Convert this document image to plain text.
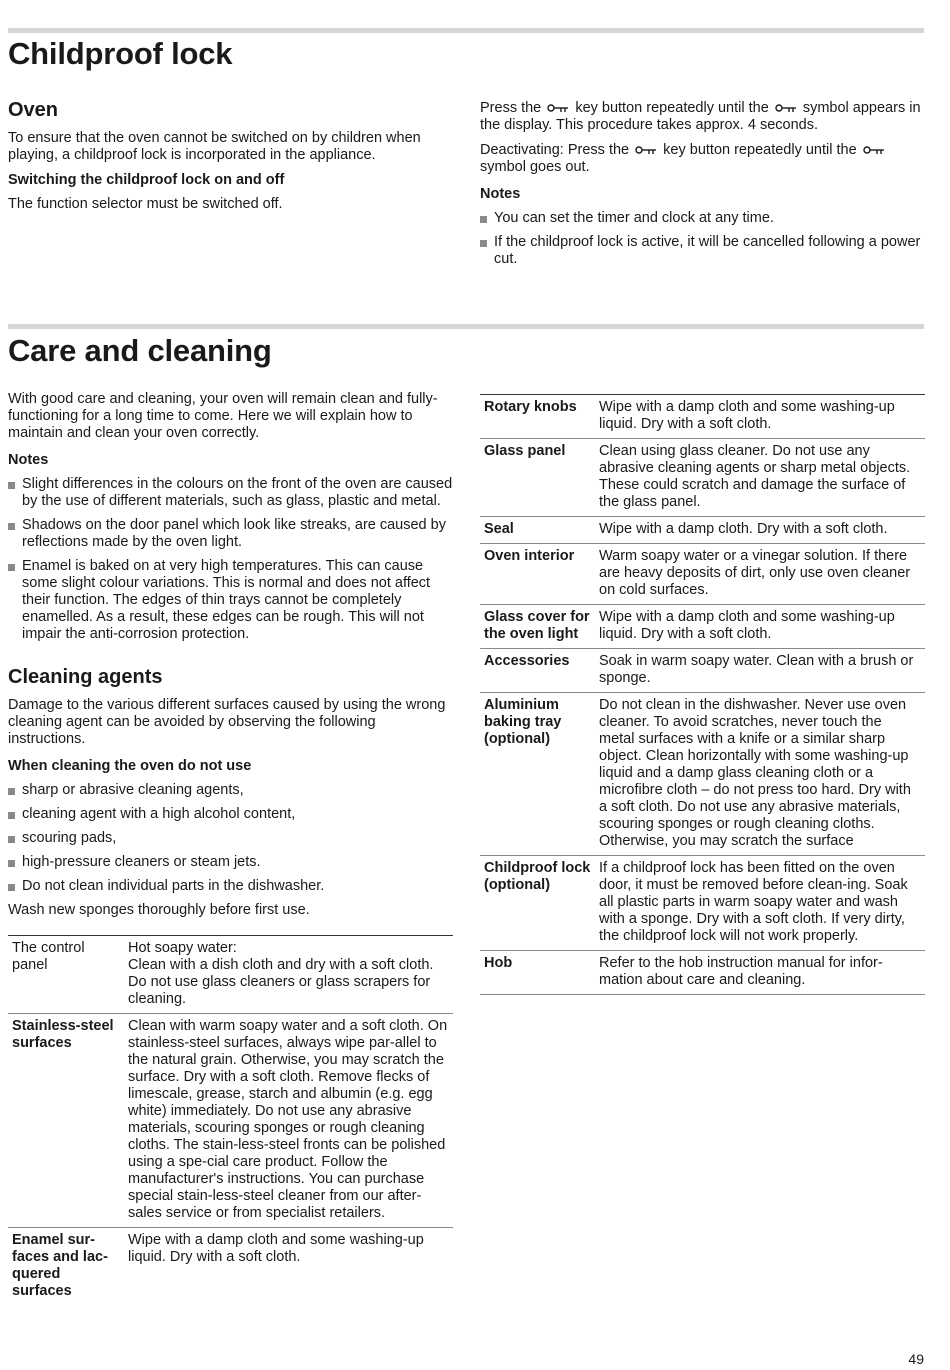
Childproof lock
Oven

To ensure that the oven cannot be switched on by children when playing, a childproof lock is incorporated in the appliance.

Switching the childproof lock on and off

The function selector must be switched off.

Press the key button repeatedly until the symbol appears in the display. This procedure takes approx. 4 seconds.

Deactivating: Press the key button repeatedly until the  symbol goes out.

Notes
You can set the timer and clock at any time.
If the childproof lock is active, it will be cancelled following a power cut.
Care and cleaning

With good care and cleaning, your oven will remain clean and fully-functioning for a long time to come. Here we will explain how to maintain and clean your oven correctly.

Notes
Slight differences in the colours on the front of the oven are caused by the use of different materials, such as glass, plastic and metal.
Shadows on the door panel which look like streaks, are caused by reflections made by the oven light.
Enamel is baked on at very high temperatures. This can cause some slight colour variations. This is normal and does not affect their function. The edges of thin trays cannot be completely enamelled. As a result, these edges can be rough. This will not impair the anti-corrosion protection.
Cleaning agents

Damage to the various different surfaces caused by using the wrong cleaning agent can be avoided by observing the following instructions.

When cleaning the oven do not use
sharp or abrasive cleaning agents,
cleaning agent with a high alcohol content,
scouring pads,
high-pressure cleaners or steam jets.
Do not clean individual parts in the dishwasher.

Wash new sponges thoroughly before first use.

The control panel	Hot soapy water:
Clean with a dish cloth and dry with a soft cloth. Do not use glass cleaners or glass scrapers for cleaning.
Stainless-steel surfaces	Clean with warm soapy water and a soft cloth. On stainless-steel surfaces, always wipe par-allel to the natural grain. Otherwise, you may scratch the surface. Dry with a soft cloth. Remove flecks of limescale, grease, starch and albumin (e.g. egg white) immediately. Do not use any abrasive materials, scouring sponges or rough cleaning cloths. The stain-less-steel fronts can be polished using a spe-cial care product. Follow the manufacturer's instructions. You can purchase special stain-less-steel cleaner from our after-sales service or from specialist retailers.
Enamel sur-faces and lac-quered surfaces	Wipe with a damp cloth and some washing-up liquid. Dry with a soft cloth.
Rotary knobs	Wipe with a damp cloth and some washing-up liquid. Dry with a soft cloth.
Glass panel	Clean using glass cleaner. Do not use any abrasive cleaning agents or sharp metal objects. These could scratch and damage the surface of the glass panel.
Seal	Wipe with a damp cloth. Dry with a soft cloth.
Oven interior	Warm soapy water or a vinegar solution. If there are heavy deposits of dirt, only use oven cleaner on cold surfaces.
Glass cover for the oven light	Wipe with a damp cloth and some washing-up liquid. Dry with a soft cloth.
Accessories	Soak in warm soapy water. Clean with a brush or sponge.
Aluminium baking tray (optional)	Do not clean in the dishwasher. Never use oven cleaner. To avoid scratches, never touch the metal surfaces with a knife or a similar sharp object. Clean horizontally with some washing-up liquid and a damp glass cleaning cloth or a microfibre cloth – do not press too hard. Dry with a soft cloth. Do not use any abrasive materials, scouring sponges or rough cleaning cloths. Otherwise, you may scratch the surface
Childproof lock (optional)	If a childproof lock has been fitted on the oven door, it must be removed before clean-ing. Soak all plastic parts in warm soapy water and wash with a sponge. Dry with a soft cloth. If very dirty, the childproof lock will not work properly.
Hob	Refer to the hob instruction manual for infor-mation about care and cleaning.
49
